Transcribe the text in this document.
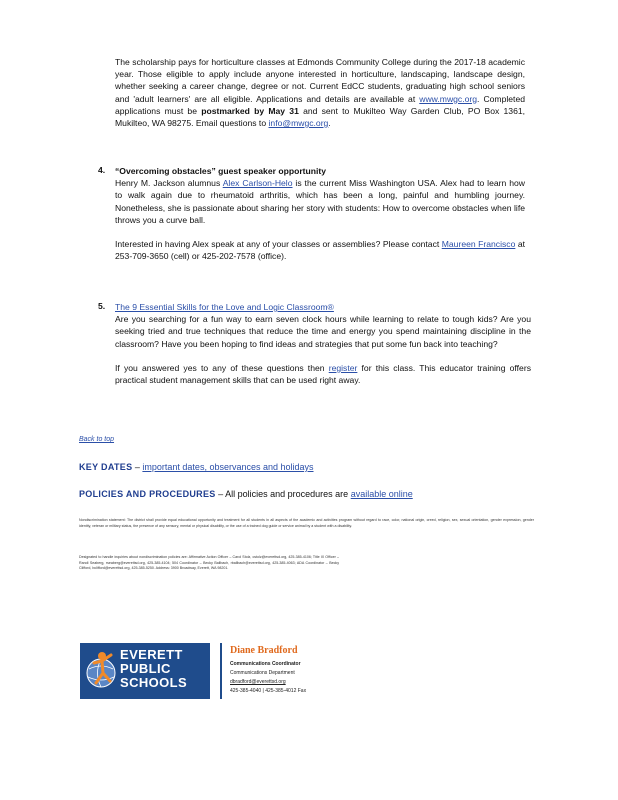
The scholarship pays for horticulture classes at Edmonds Community College during the 2017-18 academic year. Those eligible to apply include anyone interested in horticulture, landscaping, landscape design, whether seeking a career change, degree or not. Current EdCC students, graduating high school seniors and 'adult learners' are all eligible. Applications and details are available at www.mwgc.org. Completed applications must be postmarked by May 31 and sent to Mukilteo Way Garden Club, PO Box 1361, Mukilteo, WA 98275. Email questions to info@mwgc.org.

4. “Overcoming obstacles” guest speaker opportunity

Henry M. Jackson alumnus Alex Carlson-Helo is the current Miss Washington USA. Alex had to learn how to walk again due to rheumatoid arthritis, which has been a long, painful and humbling journey. Nonetheless, she is passionate about sharing her story with students: How to overcome obstacles when life throws you a curve ball.

Interested in having Alex speak at any of your classes or assemblies? Please contact Maureen Francisco at 253-709-3650 (cell) or 425-202-7578 (office).

5. The 9 Essential Skills for the Love and Logic Classroom®

Are you searching for a fun way to earn seven clock hours while learning to relate to tough kids? Are you seeking tried and true techniques that reduce the time and energy you spend maintaining discipline in the classroom? Have you been hoping to find ideas and strategies that put some fun back into teaching?

If you answered yes to any of these questions then register for this class. This educator training offers practical student management skills that can be used right away.

Back to top
KEY DATES – important dates, observances and holidays
POLICIES AND PROCEDURES – All policies and procedures are available online
Nondiscrimination statement: The district shall provide equal educational opportunity and treatment for all students in all aspects of the academic and activities program without regard to race, color, national origin, creed, religion, sex, sexual orientation, gender expression, gender identity, veteran or military status, the presence of any sensory, mental or physical disability, or the use of a trained dog guide or service animal by a student with a disability.
Designated to handle inquiries about nondiscrimination policies are: Affirmative Action Officer – Carol Stolz, cstolz@everettsd.org, 425-385-4106; Title IX Officer – Randi Seaberg, rseaberg@everettsd.org, 425-385-4104; 504 Coordinator – Becky Ballbach, rballbach@everettsd.org, 425-385-4063; ADA Coordinator – Becky Clifford, bclifford@everettsd.org, 425-385-5250. Address: 3900 Broadway, Everett, WA 98201.
EVERETT
PUBLIC
SCHOOLS
Diane Bradford
Communications Coordinator
Communications Department
dbradford@everettsd.org
425-385-4040 | 425-385-4012 Fax
